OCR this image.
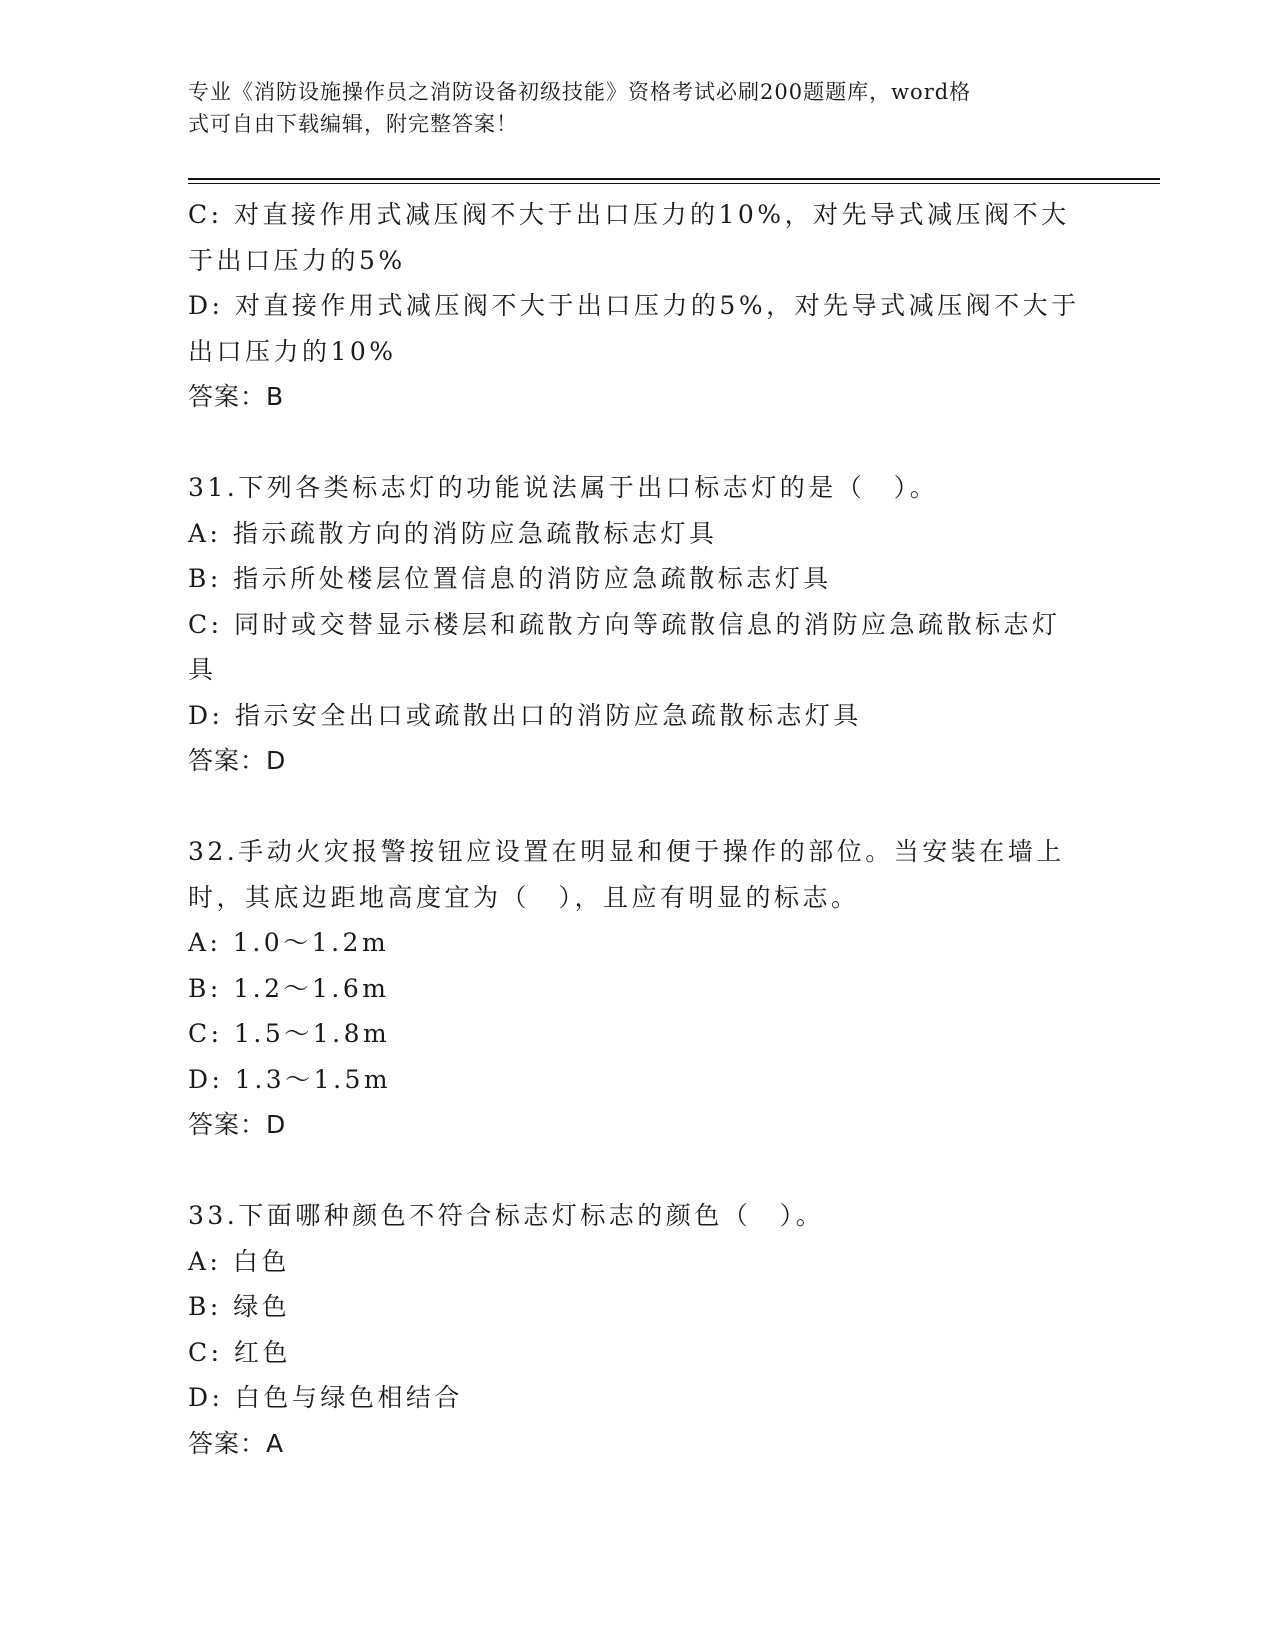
专业《消防设施操作员之消防设备初级技能》资格考试必刷200题题库，word格
式可自由下载编辑，附完整答案！
C: 对直接作用式减压阀不大于出口压力的10%，对先导式减压阀不大
于出口压力的5%
D: 对直接作用式减压阀不大于出口压力的5%，对先导式减压阀不大于
出口压力的10%
答案：B
31.下列各类标志灯的功能说法属于出口标志灯的是（　）。
A: 指示疏散方向的消防应急疏散标志灯具
B: 指示所处楼层位置信息的消防应急疏散标志灯具
C: 同时或交替显示楼层和疏散方向等疏散信息的消防应急疏散标志灯
具
D: 指示安全出口或疏散出口的消防应急疏散标志灯具
答案：D
32.手动火灾报警按钮应设置在明显和便于操作的部位。当安装在墙上
时，其底边距地高度宜为（　），且应有明显的标志。
A: 1.0～1.2m
B: 1.2～1.6m
C: 1.5～1.8m
D: 1.3～1.5m
答案：D
33.下面哪种颜色不符合标志灯标志的颜色（　）。
A: 白色
B: 绿色
C: 红色
D: 白色与绿色相结合
答案：A
